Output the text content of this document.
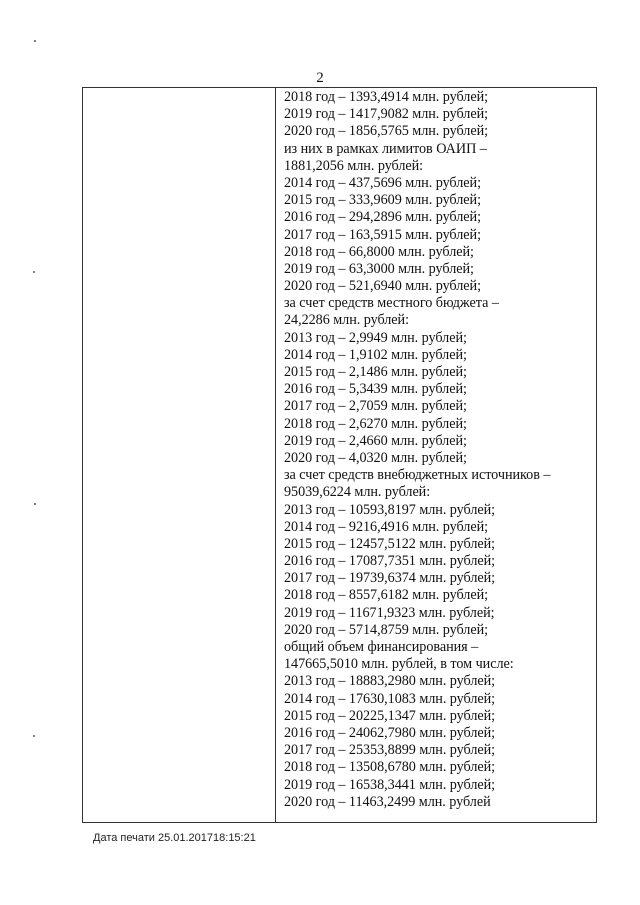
2
2018 год – 1393,4914 млн. рублей;
2019 год – 1417,9082 млн. рублей;
2020 год – 1856,5765 млн. рублей;
из них в рамках лимитов ОАИП –
1881,2056 млн. рублей:
2014 год – 437,5696 млн. рублей;
2015 год – 333,9609 млн. рублей;
2016 год – 294,2896 млн. рублей;
2017 год – 163,5915 млн. рублей;
2018 год – 66,8000 млн. рублей;
2019 год – 63,3000 млн. рублей;
2020 год – 521,6940 млн. рублей;
за счет средств местного бюджета –
24,2286 млн. рублей:
2013 год – 2,9949 млн. рублей;
2014 год – 1,9102 млн. рублей;
2015 год – 2,1486 млн. рублей;
2016 год – 5,3439 млн. рублей;
2017 год – 2,7059 млн. рублей;
2018 год – 2,6270 млн. рублей;
2019 год – 2,4660 млн. рублей;
2020 год – 4,0320 млн. рублей;
за счет средств внебюджетных источников –
95039,6224 млн. рублей:
2013 год – 10593,8197 млн. рублей;
2014 год – 9216,4916 млн. рублей;
2015 год – 12457,5122 млн. рублей;
2016 год – 17087,7351 млн. рублей;
2017 год – 19739,6374 млн. рублей;
2018 год – 8557,6182 млн. рублей;
2019 год – 11671,9323 млн. рублей;
2020 год – 5714,8759 млн. рублей;
общий объем финансирования –
147665,5010 млн. рублей, в том числе:
2013 год – 18883,2980 млн. рублей;
2014 год – 17630,1083 млн. рублей;
2015 год – 20225,1347 млн. рублей;
2016 год – 24062,7980 млн. рублей;
2017 год – 25353,8899 млн. рублей;
2018 год – 13508,6780 млн. рублей;
2019 год – 16538,3441 млн. рублей;
2020 год – 11463,2499 млн. рублей
Дата печати 25.01.201718:15:21
